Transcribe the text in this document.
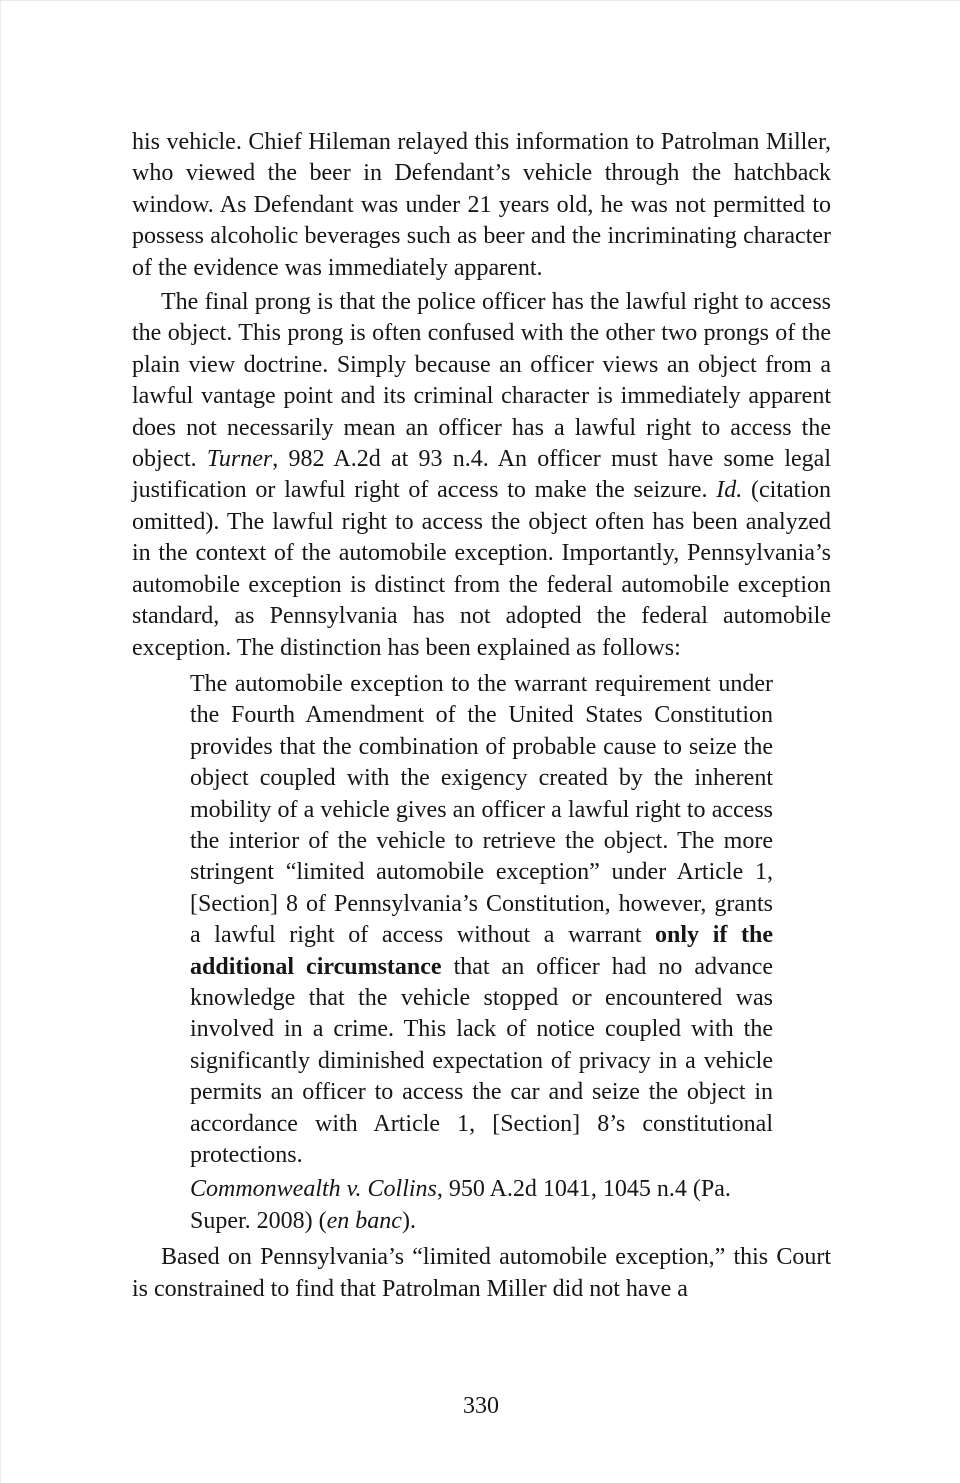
his vehicle. Chief Hileman relayed this information to Patrolman Miller, who viewed the beer in Defendant’s vehicle through the hatchback window. As Defendant was under 21 years old, he was not permitted to possess alcoholic beverages such as beer and the incriminating character of the evidence was immediately apparent.

The final prong is that the police officer has the lawful right to access the object. This prong is often confused with the other two prongs of the plain view doctrine. Simply because an officer views an object from a lawful vantage point and its criminal character is immediately apparent does not necessarily mean an officer has a lawful right to access the object. Turner, 982 A.2d at 93 n.4. An officer must have some legal justification or lawful right of access to make the seizure. Id. (citation omitted). The lawful right to access the object often has been analyzed in the context of the automobile exception. Importantly, Pennsylvania’s automobile exception is distinct from the federal automobile exception standard, as Pennsylvania has not adopted the federal automobile exception. The distinction has been explained as follows:

The automobile exception to the warrant requirement under the Fourth Amendment of the United States Constitution provides that the combination of probable cause to seize the object coupled with the exigency created by the inherent mobility of a vehicle gives an officer a lawful right to access the interior of the vehicle to retrieve the object. The more stringent “limited automobile exception” under Article 1, [Section] 8 of Pennsylvania’s Constitution, however, grants a lawful right of access without a warrant only if the additional circumstance that an officer had no advance knowledge that the vehicle stopped or encountered was involved in a crime. This lack of notice coupled with the significantly diminished expectation of privacy in a vehicle permits an officer to access the car and seize the object in accordance with Article 1, [Section] 8’s constitutional protections.

Commonwealth v. Collins, 950 A.2d 1041, 1045 n.4 (Pa. Super. 2008) (en banc).

Based on Pennsylvania’s “limited automobile exception,” this Court is constrained to find that Patrolman Miller did not have a

330
